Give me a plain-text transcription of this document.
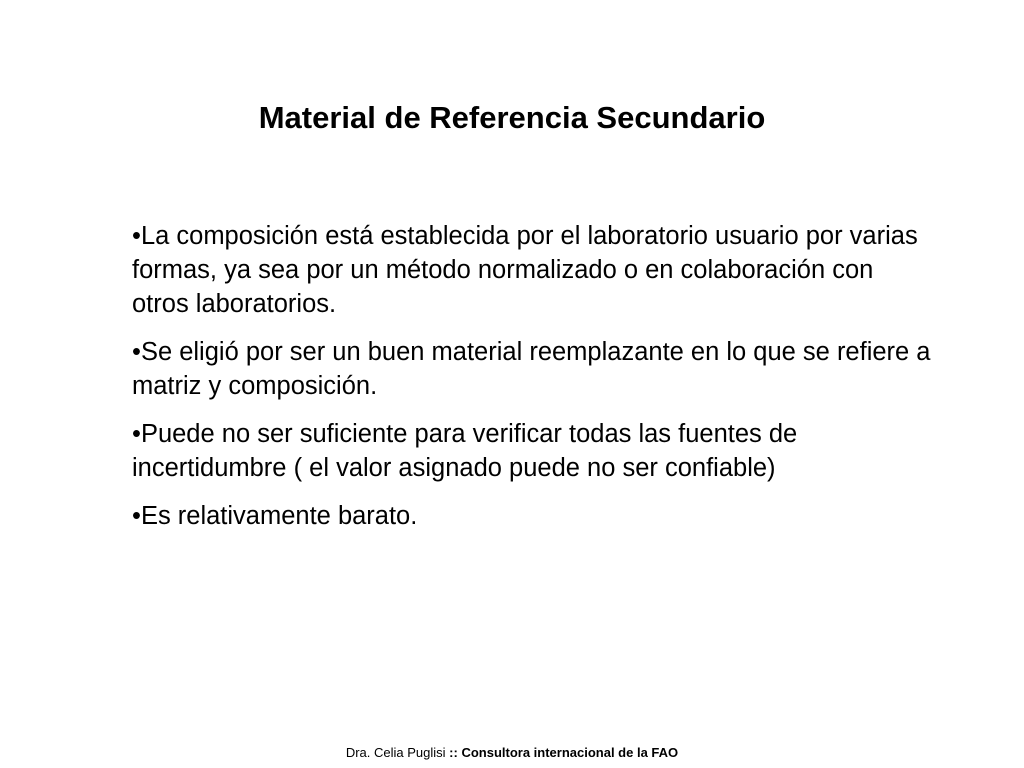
Material de Referencia Secundario
•La composición está establecida por el laboratorio usuario por varias formas, ya sea por un método normalizado o en colaboración con otros laboratorios.
•Se eligió por ser un buen material reemplazante en lo que se refiere a matriz y composición.
•Puede no ser suficiente para verificar todas las fuentes de incertidumbre ( el valor asignado puede no ser confiable)
•Es relativamente barato.
Dra. Celia Puglisi :: Consultora internacional de la FAO
